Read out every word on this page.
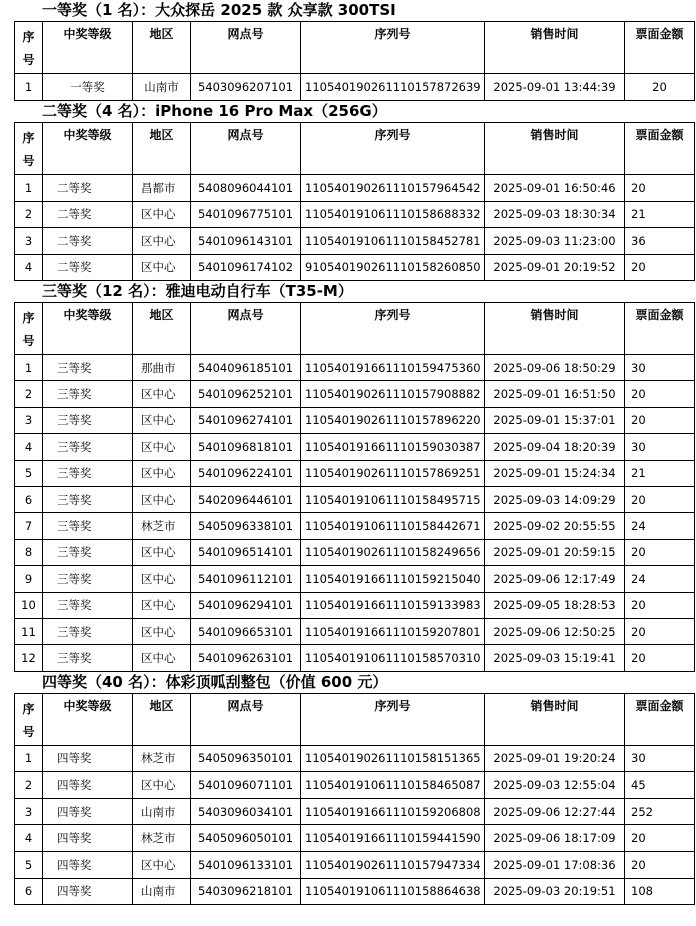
一等奖（1 名）：大众探岳 2025 款 众享款 300TSI
序号	中奖等级	地区	网点号	序列号	销售时间	票面金额

1	一等奖	山南市	5403096207101	110540190261110157872639	2025-09-01 13:44:39	20
二等奖（4 名）：iPhone 16 Pro Max（256G）
序号	中奖等级	地区	网点号	序列号	销售时间	票面金额

1	二等奖	昌都市	5408096044101	110540190261110157964542	2025-09-01 16:50:46	20
2	二等奖	区中心	5401096775101	110540191061110158688332	2025-09-03 18:30:34	21
3	二等奖	区中心	5401096143101	110540191061110158452781	2025-09-03 11:23:00	36
4	二等奖	区中心	5401096174102	910540190261110158260850	2025-09-01 20:19:52	20
三等奖（12 名）：雅迪电动自行车（T35-M）
序号	中奖等级	地区	网点号	序列号	销售时间	票面金额

1	三等奖	那曲市	5404096185101	110540191661110159475360	2025-09-06 18:50:29	30
2	三等奖	区中心	5401096252101	110540190261110157908882	2025-09-01 16:51:50	20
3	三等奖	区中心	5401096274101	110540190261110157896220	2025-09-01 15:37:01	20
4	三等奖	区中心	5401096818101	110540191661110159030387	2025-09-04 18:20:39	30
5	三等奖	区中心	5401096224101	110540190261110157869251	2025-09-01 15:24:34	21
6	三等奖	区中心	5402096446101	110540191061110158495715	2025-09-03 14:09:29	20
7	三等奖	林芝市	5405096338101	110540191061110158442671	2025-09-02 20:55:55	24
8	三等奖	区中心	5401096514101	110540190261110158249656	2025-09-01 20:59:15	20
9	三等奖	区中心	5401096112101	110540191661110159215040	2025-09-06 12:17:49	24
10	三等奖	区中心	5401096294101	110540191661110159133983	2025-09-05 18:28:53	20
11	三等奖	区中心	5401096653101	110540191661110159207801	2025-09-06 12:50:25	20
12	三等奖	区中心	5401096263101	110540191061110158570310	2025-09-03 15:19:41	20
四等奖（40 名）：体彩顶呱刮整包（价值 600 元）
序号	中奖等级	地区	网点号	序列号	销售时间	票面金额

1	四等奖	林芝市	5405096350101	110540190261110158151365	2025-09-01 19:20:24	30
2	四等奖	区中心	5401096071101	110540191061110158465087	2025-09-03 12:55:04	45
3	四等奖	山南市	5403096034101	110540191661110159206808	2025-09-06 12:27:44	252
4	四等奖	林芝市	5405096050101	110540191661110159441590	2025-09-06 18:17:09	20
5	四等奖	区中心	5401096133101	110540190261110157947334	2025-09-01 17:08:36	20
6	四等奖	山南市	5403096218101	110540191061110158864638	2025-09-03 20:19:51	108
